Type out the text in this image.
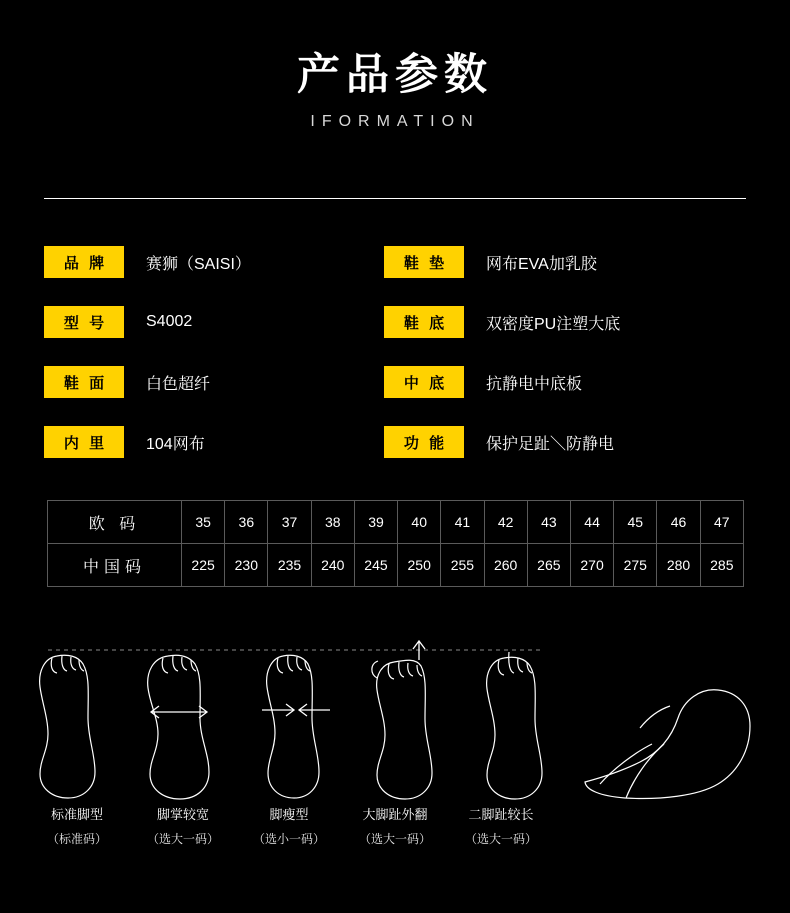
产品参数
IFORMATION
品 牌 赛狮（SAISI）	鞋 垫 网布EVA加乳胶
型 号 S4002	鞋 底 双密度PU注塑大底
鞋 面 白色超纤	中 底 抗静电中底板
内 里 104网布	功 能 保护足趾＼防静电
欧 码	35	36	37	38	39	40	41	42	43	44	45	46	47
中国码	225	230	235	240	245	250	255	260	265	270	275	280	285
标准脚型
（标准码）
脚掌较宽
（选大一码）
脚瘦型
（选小一码）
大脚趾外翻
（选大一码）
二脚趾较长
（选大一码）
